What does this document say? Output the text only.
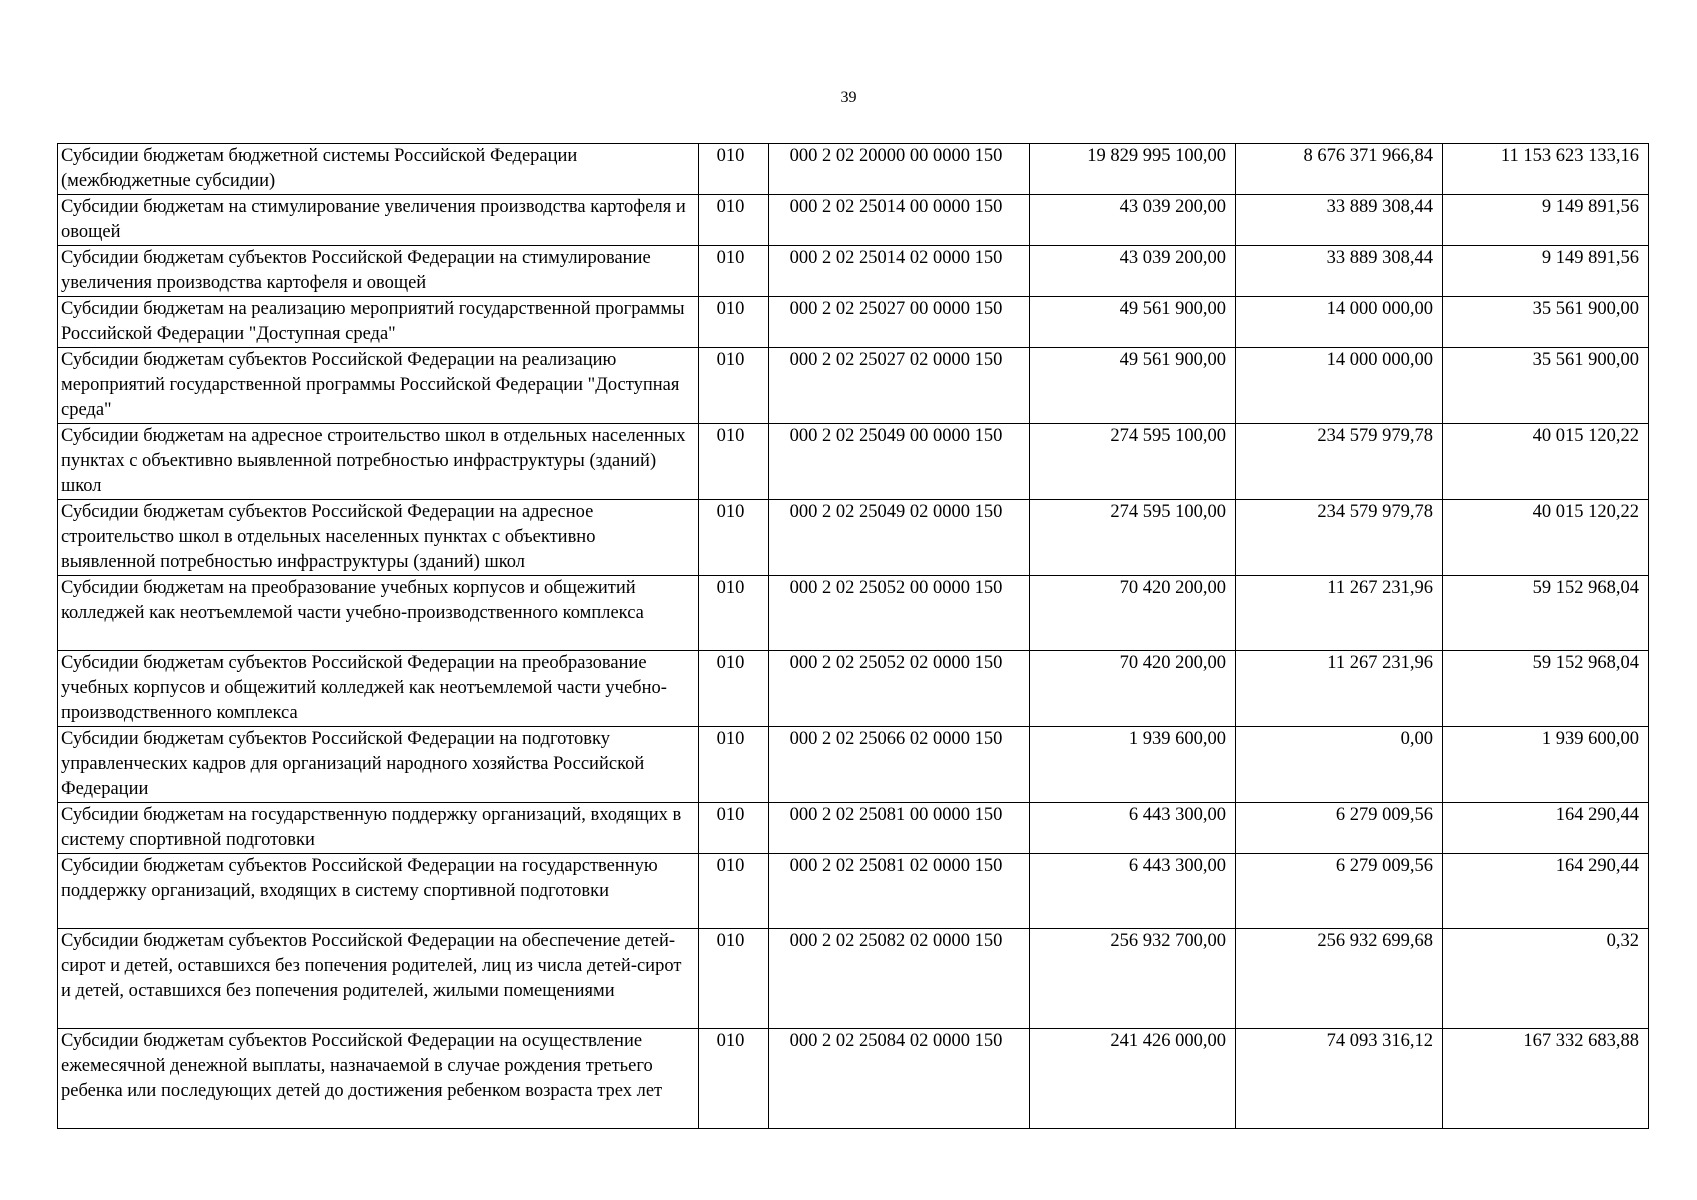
39
Субсидии бюджетам бюджетной системы Российской Федерации (межбюджетные субсидии)	010	000 2 02 20000 00 0000 150	19 829 995 100,00	8 676 371 966,84	11 153 623 133,16
Субсидии бюджетам на стимулирование увеличения производства картофеля и овощей	010	000 2 02 25014 00 0000 150	43 039 200,00	33 889 308,44	9 149 891,56
Субсидии бюджетам субъектов Российской Федерации на стимулирование увеличения производства картофеля и овощей	010	000 2 02 25014 02 0000 150	43 039 200,00	33 889 308,44	9 149 891,56
Субсидии бюджетам на реализацию мероприятий государственной программы Российской Федерации "Доступная среда"	010	000 2 02 25027 00 0000 150	49 561 900,00	14 000 000,00	35 561 900,00
Субсидии бюджетам субъектов Российской Федерации на реализацию мероприятий государственной программы Российской Федерации "Доступная среда"	010	000 2 02 25027 02 0000 150	49 561 900,00	14 000 000,00	35 561 900,00
Субсидии бюджетам на адресное строительство школ в отдельных населенных пунктах с объективно выявленной потребностью инфраструктуры (зданий) школ	010	000 2 02 25049 00 0000 150	274 595 100,00	234 579 979,78	40 015 120,22
Субсидии бюджетам субъектов Российской Федерации на адресное строительство школ в отдельных населенных пунктах с объективно выявленной потребностью инфраструктуры (зданий) школ	010	000 2 02 25049 02 0000 150	274 595 100,00	234 579 979,78	40 015 120,22
Субсидии бюджетам на преобразование учебных корпусов и общежитий колледжей как неотъемлемой части учебно-производственного комплекса	010	000 2 02 25052 00 0000 150	70 420 200,00	11 267 231,96	59 152 968,04
Субсидии бюджетам субъектов Российской Федерации на преобразование учебных корпусов и общежитий колледжей как неотъемлемой части учебно-производственного комплекса	010	000 2 02 25052 02 0000 150	70 420 200,00	11 267 231,96	59 152 968,04
Субсидии бюджетам субъектов Российской Федерации на подготовку управленческих кадров для организаций народного хозяйства Российской Федерации	010	000 2 02 25066 02 0000 150	1 939 600,00	0,00	1 939 600,00
Субсидии бюджетам на государственную поддержку организаций, входящих в систему спортивной подготовки	010	000 2 02 25081 00 0000 150	6 443 300,00	6 279 009,56	164 290,44
Субсидии бюджетам субъектов Российской Федерации на государственную поддержку организаций, входящих в систему спортивной подготовки	010	000 2 02 25081 02 0000 150	6 443 300,00	6 279 009,56	164 290,44
Субсидии бюджетам субъектов Российской Федерации на обеспечение детей-сирот и детей, оставшихся без попечения родителей, лиц из числа детей-сирот и детей, оставшихся без попечения родителей, жилыми помещениями	010	000 2 02 25082 02 0000 150	256 932 700,00	256 932 699,68	0,32
Субсидии бюджетам субъектов Российской Федерации на осуществление ежемесячной денежной выплаты, назначаемой в случае рождения третьего ребенка или последующих детей до достижения ребенком возраста трех лет	010	000 2 02 25084 02 0000 150	241 426 000,00	74 093 316,12	167 332 683,88
